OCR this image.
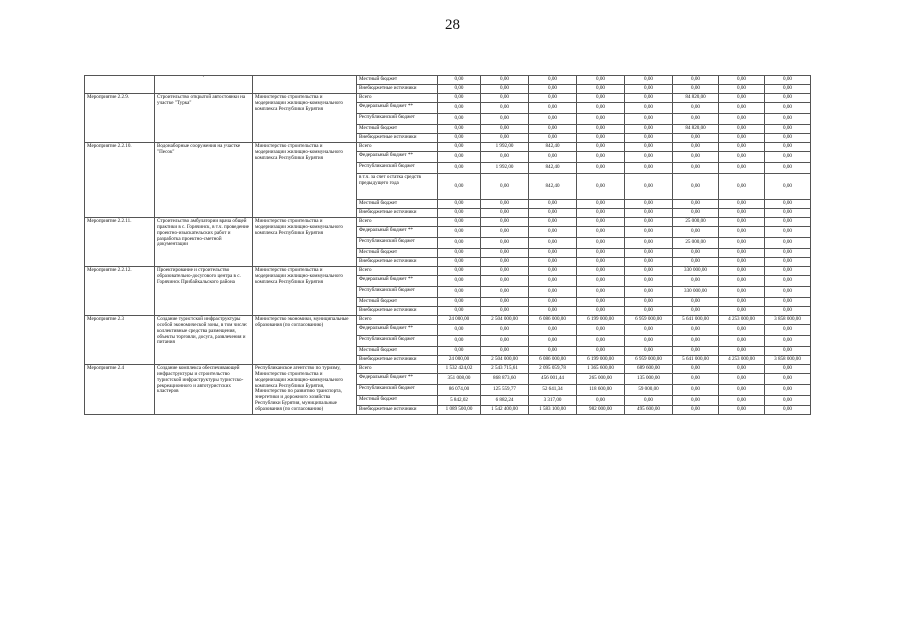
28
	`		Местный бюджет	0,00	0,00	0,00	0,00	0,00	0,00	0,00	0,00
			Внебюджетные источники	0,00	0,00	0,00	0,00	0,00	0,00	0,00	0,00
Мероприятие 2.2.9.	Строительство открытой автостоянки на участке "Турка"	Министерство строительства и модернизации жилищно-коммунального комплекса Республики Бурятия	Всего	0,00	0,00	0,00	0,00	0,00	84 820,00	0,00	0,00
			Федеральный бюджет **	0,00	0,00	0,00	0,00	0,00	0,00	0,00	0,00
			Республиканский бюджет	0,00	0,00	0,00	0,00	0,00	0,00	0,00	0,00
			Местный бюджет	0,00	0,00	0,00	0,00	0,00	84 820,00	0,00	0,00
			Внебюджетные источники	0,00	0,00	0,00	0,00	0,00	0,00	0,00	0,00
Мероприятие 2.2.10.	Водонаборные сооружения на участке "Песок"	Министерство строительства и модернизации жилищно-коммунального комплекса Республики Бурятия	Всего	0,00	1 992,00	842,40	0,00	0,00	0,00	0,00	0,00
			Федеральный бюджет **	0,00	0,00	0,00	0,00	0,00	0,00	0,00	0,00
			Республиканский бюджет	0,00	1 992,00	842,40	0,00	0,00	0,00	0,00	0,00
			в т.ч. за счет остатка средств предыдущего года	0,00	0,00	842,40	0,00	0,00	0,00	0,00	0,00
			Местный бюджет	0,00	0,00	0,00	0,00	0,00	0,00	0,00	0,00
			Внебюджетные источники	0,00	0,00	0,00	0,00	0,00	0,00	0,00	0,00
Мероприятие 2.2.11.	Строительство амбулатории врача общей практики в с. Горячинск, в т.ч. проведение проектно-изыскательских работ и разработка проектно-сметной документации	Министерство строительства и модернизации жилищно-коммунального комплекса Республики Бурятия	Всего	0,00	0,00	0,00	0,00	0,00	25 000,00	0,00	0,00
			Федеральный бюджет **	0,00	0,00	0,00	0,00	0,00	0,00	0,00	0,00
			Республиканский бюджет	0,00	0,00	0,00	0,00	0,00	25 000,00	0,00	0,00
			Местный бюджет	0,00	0,00	0,00	0,00	0,00	0,00	0,00	0,00
			Внебюджетные источники	0,00	0,00	0,00	0,00	0,00	0,00	0,00	0,00
Мероприятие 2.2.12.	Проектирование и строительство образовательно-досугового центра в с. Горячинск Прибайкальского района	Министерство строительства и модернизации жилищно-коммунального комплекса Республики Бурятия	Всего	0,00	0,00	0,00	0,00	0,00	330 000,00	0,00	0,00
			Федеральный бюджет **	0,00	0,00	0,00	0,00	0,00	0,00	0,00	0,00
			Республиканский бюджет	0,00	0,00	0,00	0,00	0,00	330 000,00	0,00	0,00
			Местный бюджет	0,00	0,00	0,00	0,00	0,00	0,00	0,00	0,00
			Внебюджетные источники	0,00	0,00	0,00	0,00	0,00	0,00	0,00	0,00
Мероприятие 2.3	Создание туристской инфраструктуры особой экономической зоны, в том числе: коллективные средства размещения, объекты торговли, досуга, развлечения и питания	Министерство экономики, муниципальные образования (по согласованию)	Всего	24 000,00	2 504 000,00	6 086 000,00	6 199 000,00	6 959 000,00	5 641 000,00	4 253 000,00	3 858 000,00
			Федеральный бюджет **	0,00	0,00	0,00	0,00	0,00	0,00	0,00	0,00
			Республиканский бюджет	0,00	0,00	0,00	0,00	0,00	0,00	0,00	0,00
			Местный бюджет	0,00	0,00	0,00	0,00	0,00	0,00	0,00	0,00
			Внебюджетные источники	24 000,00	2 504 000,00	6 086 000,00	6 199 000,00	6 959 000,00	5 641 000,00	4 253 000,00	3 858 000,00
Мероприятие 2.4	Создание комплекса обеспечивающей инфраструктуры и строительство туристской инфраструктуры туристско-рекреационного и автотуристских кластеров	Республиканское агентство по туризму, Министерство строительства и модернизации жилищно-коммунального комплекса Республики Бурятия, Министерство по развитию транспорта, энергетики и дорожного хозяйства Республики Бурятия, муниципальные образования (по согласованию)	Всего	1 532 424,02	2 543 715,61	2 095 059,78	1 365 600,00	689 600,00	0,00	0,00	0,00
			Федеральный бюджет **	351 008,00	868 873,60	456 001,44	265 000,00	135 000,00	0,00	0,00	0,00
			Республиканский бюджет	86 074,00	125 559,77	52 641,34	118 600,00	59 000,00	0,00	0,00	0,00
			Местный бюджет	5 842,02	6 882,24	3 317,00	0,00	0,00	0,00	0,00	0,00
			Внебюджетные источники	1 089 500,00	1 542 400,00	1 583 100,00	982 000,00	495 600,00	0,00	0,00	0,00
